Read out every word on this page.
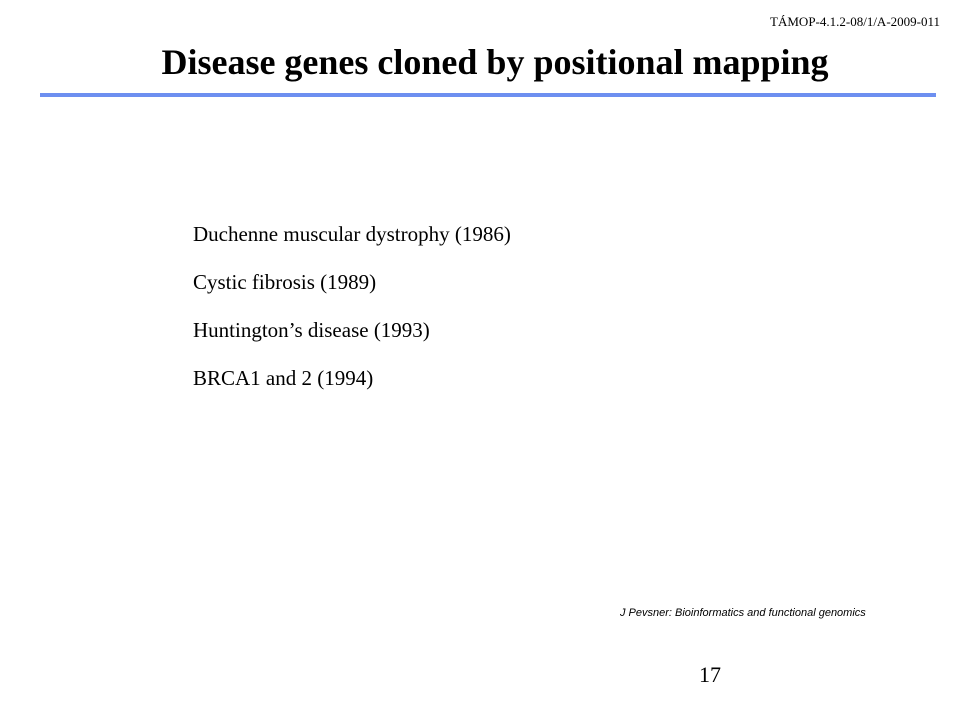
TÁMOP-4.1.2-08/1/A-2009-011
Disease genes cloned by positional mapping
Duchenne muscular dystrophy (1986)
Cystic fibrosis (1989)
Huntington’s disease (1993)
BRCA1 and 2 (1994)
J Pevsner: Bioinformatics and functional genomics
17
